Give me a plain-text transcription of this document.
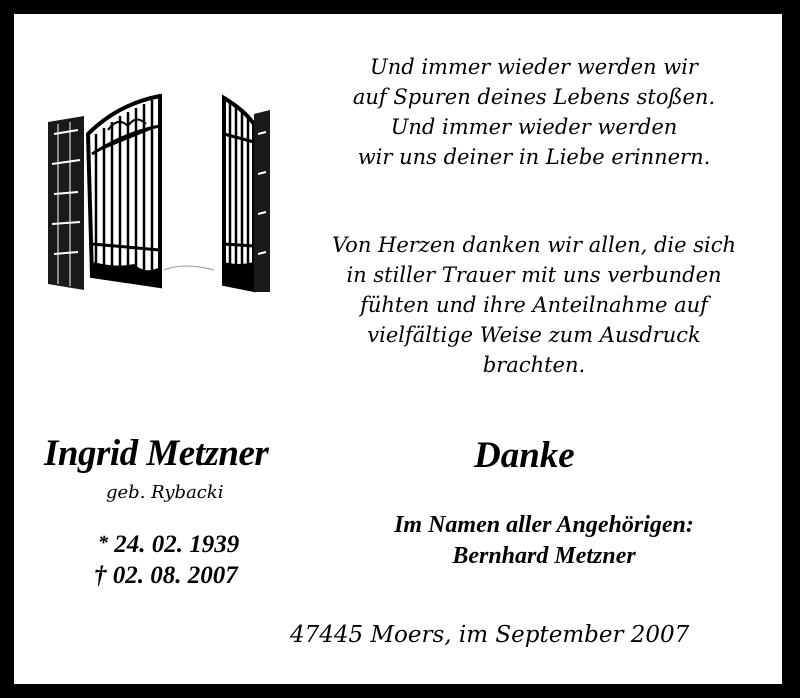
Und immer wieder werden wir
auf Spuren deines Lebens stoßen.
Und immer wieder werden
wir uns deiner in Liebe erinnern.
Von Herzen danken wir allen, die sich
in stiller Trauer mit uns verbunden
fühten und ihre Anteilnahme auf
vielfältige Weise zum Ausdruck
brachten.
Ingrid Metzner
geb. Rybacki
* 24. 02. 1939
† 02. 08. 2007
Danke
Im Namen aller Angehörigen:
Bernhard Metzner
47445 Moers, im September 2007
